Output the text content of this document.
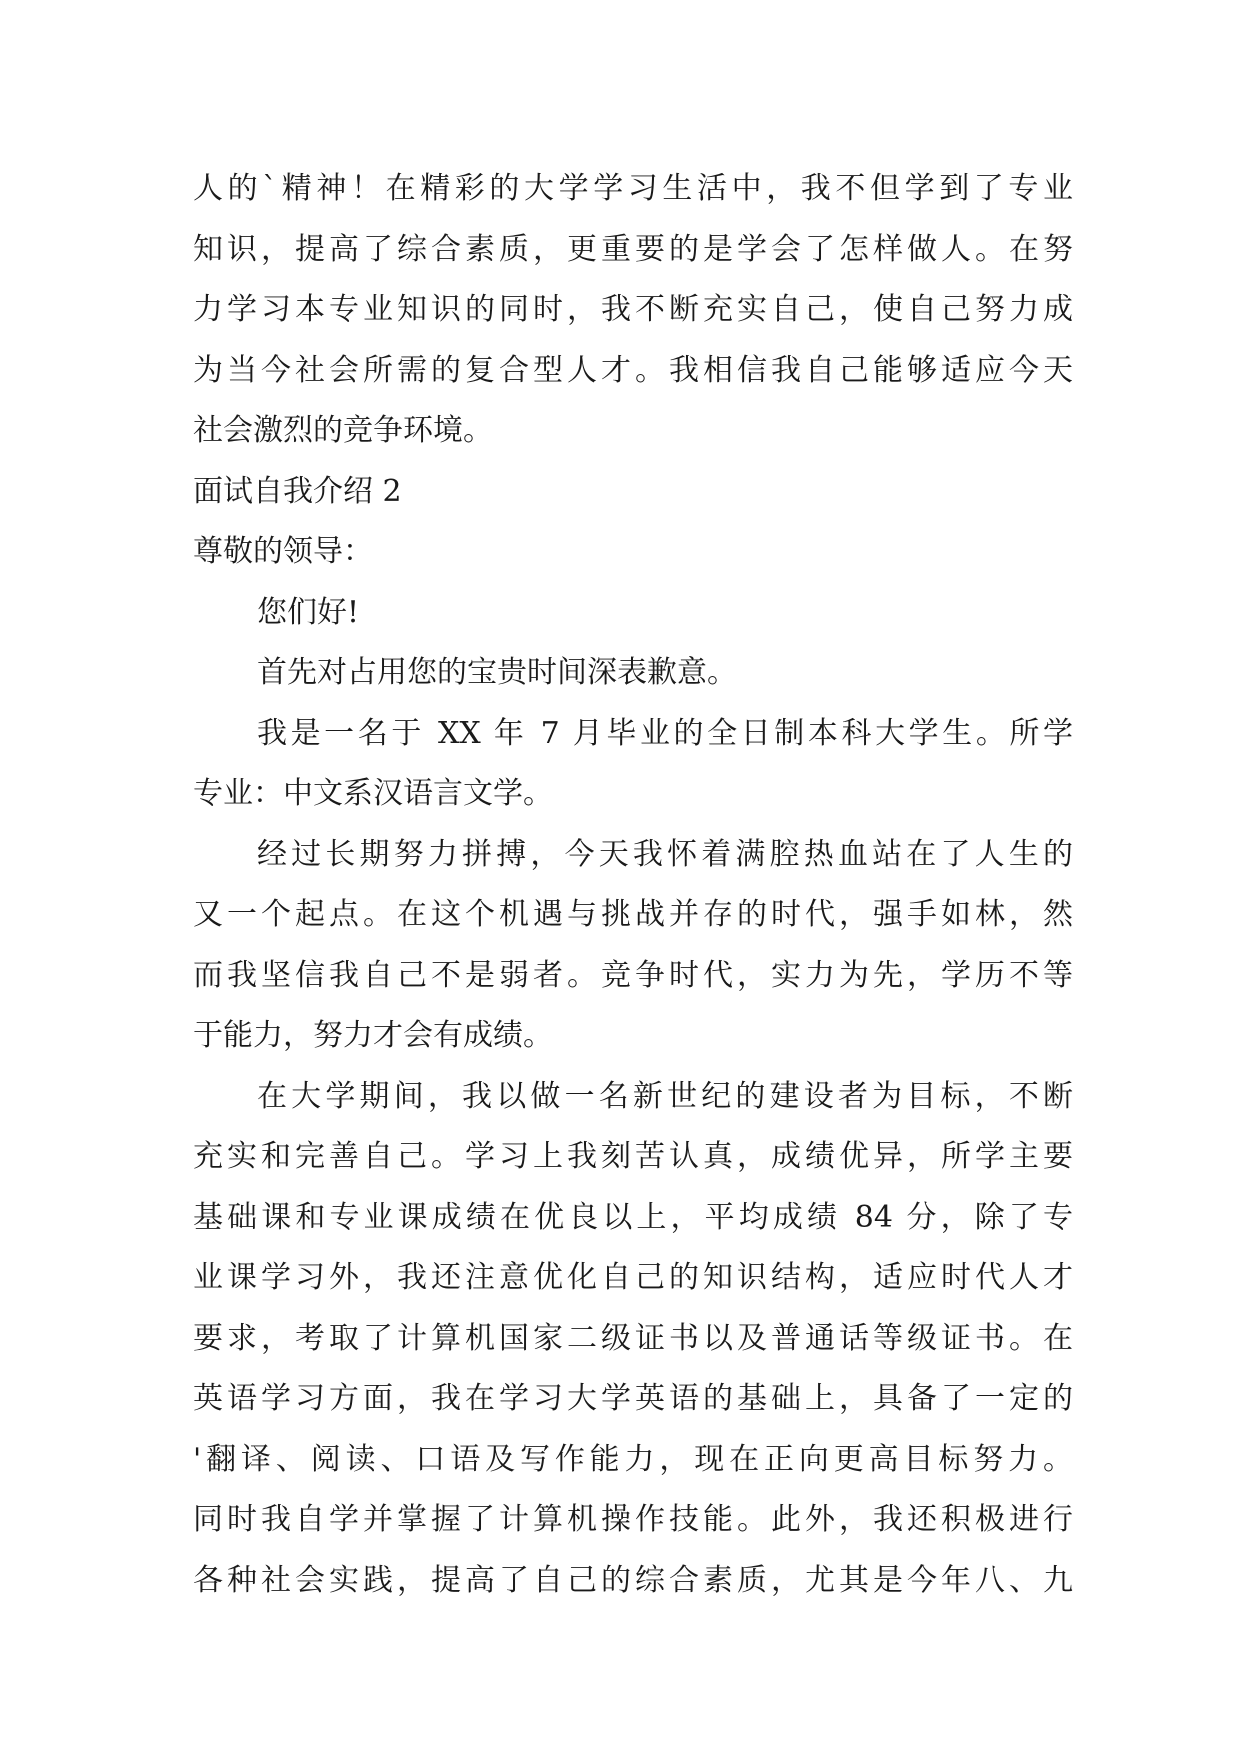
人的`精神！在精彩的大学学习生活中，我不但学到了专业
知识，提高了综合素质，更重要的是学会了怎样做人。在努
力学习本专业知识的同时，我不断充实自己，使自己努力成
为当今社会所需的复合型人才。我相信我自己能够适应今天
社会激烈的竞争环境。
面试自我介绍 2
尊敬的领导：
您们好!
首先对占用您的宝贵时间深表歉意。
我是一名于 XX 年 7 月毕业的全日制本科大学生。所学
专业：中文系汉语言文学。
经过长期努力拼搏，今天我怀着满腔热血站在了人生的
又一个起点。在这个机遇与挑战并存的时代，强手如林，然
而我坚信我自己不是弱者。竞争时代，实力为先，学历不等
于能力，努力才会有成绩。
在大学期间，我以做一名新世纪的建设者为目标，不断
充实和完善自己。学习上我刻苦认真，成绩优异，所学主要
基础课和专业课成绩在优良以上，平均成绩 84 分，除了专
业课学习外，我还注意优化自己的知识结构，适应时代人才
要求，考取了计算机国家二级证书以及普通话等级证书。在
英语学习方面，我在学习大学英语的基础上，具备了一定的
'翻译、阅读、口语及写作能力，现在正向更高目标努力。
同时我自学并掌握了计算机操作技能。此外，我还积极进行
各种社会实践，提高了自己的综合素质，尤其是今年八、九
